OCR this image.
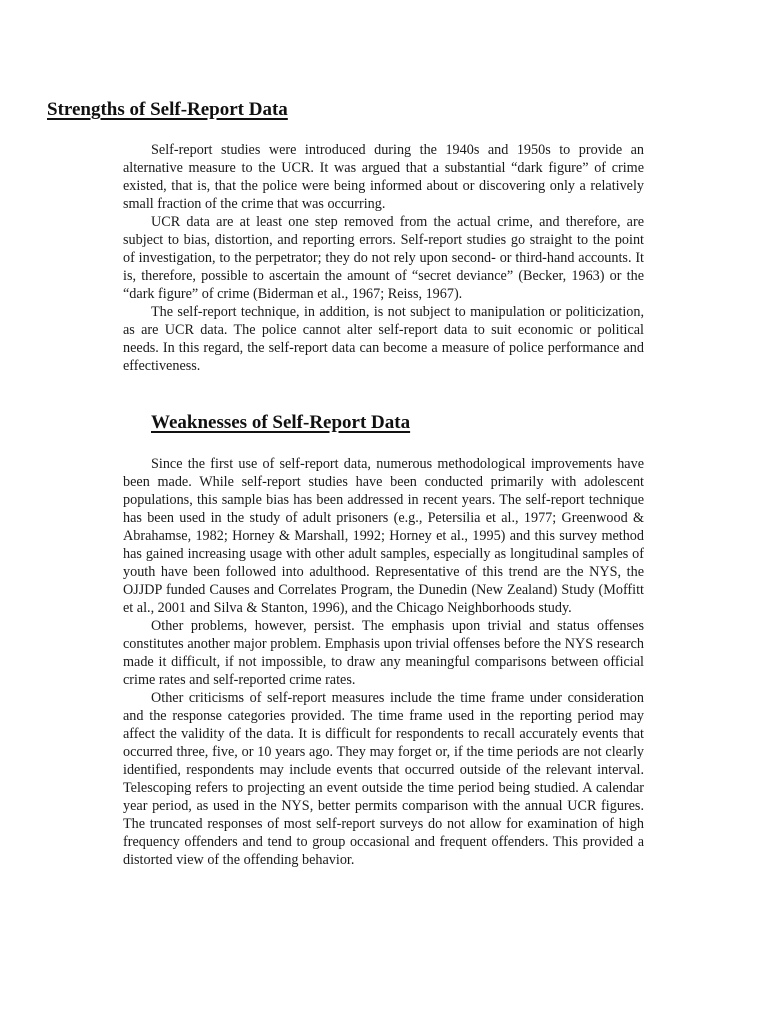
Strengths of Self-Report Data

Self-report studies were introduced during the 1940s and 1950s to provide an alternative measure to the UCR. It was argued that a substantial “dark figure” of crime existed, that is, that the police were being informed about or discovering only a relatively small fraction of the crime that was occurring.

UCR data are at least one step removed from the actual crime, and therefore, are subject to bias, distortion, and reporting errors. Self-report studies go straight to the point of investigation, to the perpetrator; they do not rely upon second- or third-hand accounts. It is, therefore, possible to ascertain the amount of “secret deviance” (Becker, 1963) or the “dark figure” of crime (Biderman et al., 1967; Reiss, 1967).

The self-report technique, in addition, is not subject to manipulation or politicization, as are UCR data. The police cannot alter self-report data to suit economic or political needs. In this regard, the self-report data can become a measure of police performance and effectiveness.

Weaknesses of Self-Report Data

Since the first use of self-report data, numerous methodological improvements have been made. While self-report studies have been conducted primarily with adolescent populations, this sample bias has been addressed in recent years. The self-report technique has been used in the study of adult prisoners (e.g., Petersilia et al., 1977; Greenwood & Abrahamse, 1982; Horney & Marshall, 1992; Horney et al., 1995) and this survey method has gained increasing usage with other adult samples, especially as longitudinal samples of youth have been followed into adulthood. Representative of this trend are the NYS, the OJJDP funded Causes and Correlates Program, the Dunedin (New Zealand) Study (Moffitt et al., 2001 and Silva & Stanton, 1996), and the Chicago Neighborhoods study.

Other problems, however, persist. The emphasis upon trivial and status offenses constitutes another major problem. Emphasis upon trivial offenses before the NYS research made it difficult, if not impossible, to draw any meaningful comparisons between official crime rates and self-reported crime rates.

Other criticisms of self-report measures include the time frame under consideration and the response categories provided. The time frame used in the reporting period may affect the validity of the data. It is difficult for respondents to recall accurately events that occurred three, five, or 10 years ago. They may forget or, if the time periods are not clearly identified, respondents may include events that occurred outside of the relevant interval. Telescoping refers to projecting an event outside the time period being studied. A calendar year period, as used in the NYS, better permits comparison with the annual UCR figures. The truncated responses of most self-report surveys do not allow for examination of high frequency offenders and tend to group occasional and frequent offenders. This provided a distorted view of the offending behavior.
